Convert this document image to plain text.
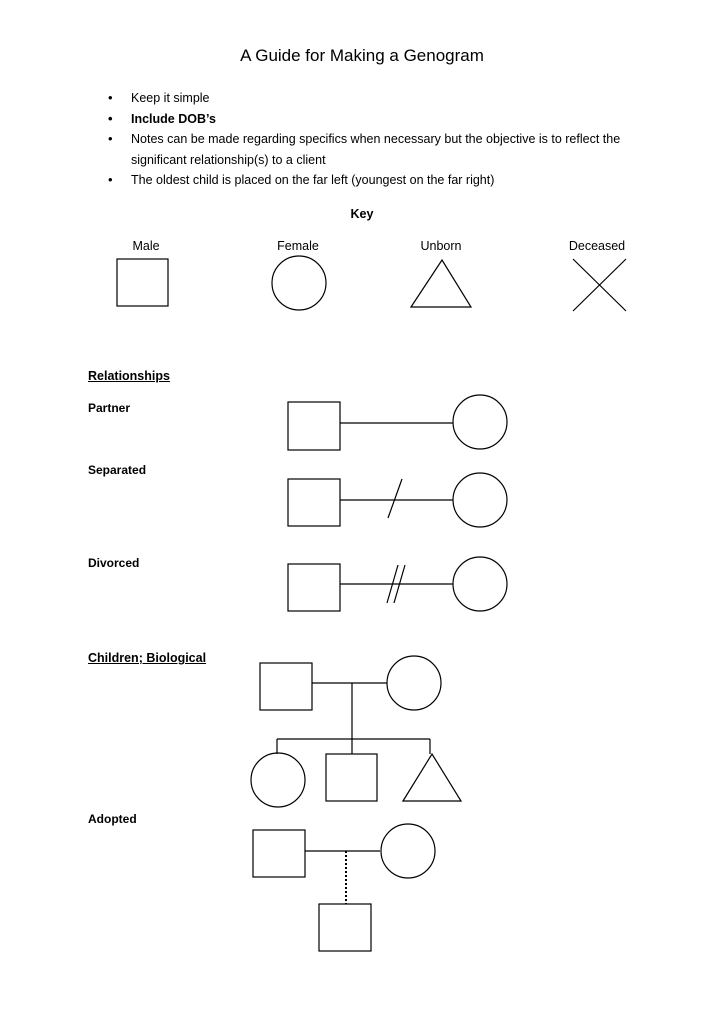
A Guide for Making a Genogram
• Keep it simple
• Include DOB’s
• Notes can be made regarding specifics when necessary but the objective is to reflect the significant relationship(s) to a client
• The oldest child is placed on the far left (youngest on the far right)
Key
Male	Female	Unborn	Deceased
Relationships
Partner
Separated
Divorced
Children; Biological
Adopted
